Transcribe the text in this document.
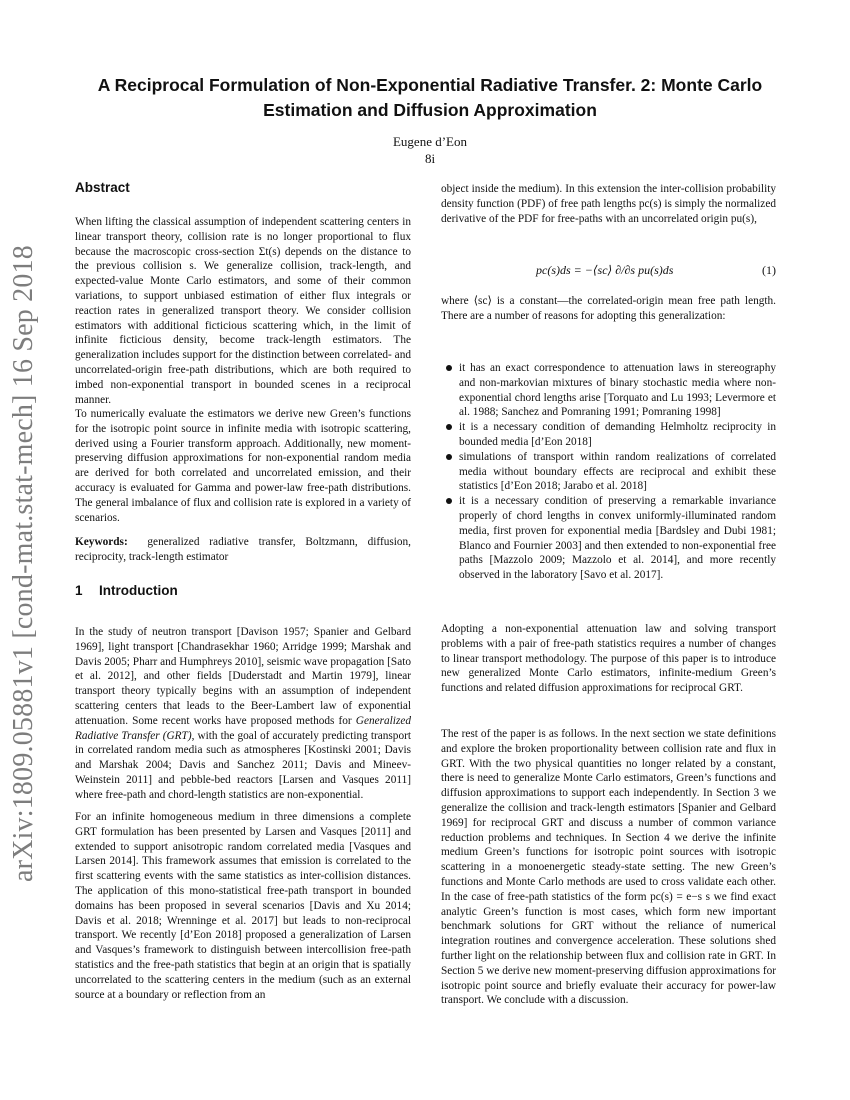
arXiv:1809.05881v1 [cond-mat.stat-mech] 16 Sep 2018
A Reciprocal Formulation of Non-Exponential Radiative Transfer. 2: Monte Carlo Estimation and Diffusion Approximation
Eugene d’Eon
8i
Abstract

When lifting the classical assumption of independent scattering centers in linear transport theory, collision rate is no longer proportional to flux because the macroscopic cross-section Σt(s) depends on the distance to the previous collision s. We generalize collision, track-length, and expected-value Monte Carlo estimators, and some of their common variations, to support unbiased estimation of either flux integrals or reaction rates in generalized transport theory. We consider collision estimators with additional ficticious scattering which, in the limit of infinite ficticious density, become track-length estimators. The generalization includes support for the distinction between correlated- and uncorrelated-origin free-path distributions, which are both required to imbed non-exponential transport in bounded scenes in a reciprocal manner.

To numerically evaluate the estimators we derive new Green’s functions for the isotropic point source in infinite media with isotropic scattering, derived using a Fourier transform approach. Additionally, new moment-preserving diffusion approximations for non-exponential random media are derived for both correlated and uncorrelated emission, and their accuracy is evaluated for Gamma and power-law free-path distributions. The general imbalance of flux and collision rate is explored in a variety of scenarios.

Keywords: generalized radiative transfer, Boltzmann, diffusion, reciprocity, track-length estimator

1 Introduction

In the study of neutron transport [Davison 1957; Spanier and Gelbard 1969], light transport [Chandrasekhar 1960; Arridge 1999; Marshak and Davis 2005; Pharr and Humphreys 2010], seismic wave propagation [Sato et al. 2012], and other fields [Duderstadt and Martin 1979], linear transport theory typically begins with an assumption of independent scattering centers that leads to the Beer-Lambert law of exponential attenuation. Some recent works have proposed methods for Generalized Radiative Transfer (GRT), with the goal of accurately predicting transport in correlated random media such as atmospheres [Kostinski 2001; Davis and Marshak 2004; Davis and Sanchez 2011; Davis and Mineev-Weinstein 2011] and pebble-bed reactors [Larsen and Vasques 2011] where free-path and chord-length statistics are non-exponential.

For an infinite homogeneous medium in three dimensions a complete GRT formulation has been presented by Larsen and Vasques [2011] and extended to support anisotropic random correlated media [Vasques and Larsen 2014]. This framework assumes that emission is correlated to the first scattering events with the same statistics as inter-collision distances. The application of this mono-statistical free-path transport in bounded domains has been proposed in several scenarios [Davis and Xu 2014; Davis et al. 2018; Wrenninge et al. 2017] but leads to non-reciprocal transport. We recently [d’Eon 2018] proposed a generalization of Larsen and Vasques’s framework to distinguish between intercollision free-path statistics and the free-path statistics that begin at an origin that is spatially uncorrelated to the scattering centers in the medium (such as an external source at a boundary or reflection from an

object inside the medium). In this extension the inter-collision probability density function (PDF) of free path lengths pc(s) is simply the normalized derivative of the PDF for free-paths with an uncorrelated origin pu(s),

pc(s)ds = −⟨sc⟩ ∂/∂s pu(s)ds	(1)

where ⟨sc⟩ is a constant—the correlated-origin mean free path length. There are a number of reasons for adopting this generalization:

it has an exact correspondence to attenuation laws in stereography and non-markovian mixtures of binary stochastic media where non-exponential chord lengths arise [Torquato and Lu 1993; Levermore et al. 1988; Sanchez and Pomraning 1991; Pomraning 1998]
it is a necessary condition of demanding Helmholtz reciprocity in bounded media [d’Eon 2018]
simulations of transport within random realizations of correlated media without boundary effects are reciprocal and exhibit these statistics [d’Eon 2018; Jarabo et al. 2018]
it is a necessary condition of preserving a remarkable invariance properly of chord lengths in convex uniformly-illuminated random media, first proven for exponential media [Bardsley and Dubi 1981; Blanco and Fournier 2003] and then extended to non-exponential free paths [Mazzolo 2009; Mazzolo et al. 2014], and more recently observed in the laboratory [Savo et al. 2017].

Adopting a non-exponential attenuation law and solving transport problems with a pair of free-path statistics requires a number of changes to linear transport methodology. The purpose of this paper is to introduce new generalized Monte Carlo estimators, infinite-medium Green’s functions and related diffusion approximations for reciprocal GRT.

The rest of the paper is as follows. In the next section we state definitions and explore the broken proportionality between collision rate and flux in GRT. With the two physical quantities no longer related by a constant, there is need to generalize Monte Carlo estimators, Green’s functions and diffusion approximations to support each independently. In Section 3 we generalize the collision and track-length estimators [Spanier and Gelbard 1969] for reciprocal GRT and discuss a number of common variance reduction problems and techniques. In Section 4 we derive the infinite medium Green’s functions for isotropic point sources with isotropic scattering in a monoenergetic steady-state setting. The new Green’s functions and Monte Carlo methods are used to cross validate each other. In the case of free-path statistics of the form pc(s) = e−s s we find exact analytic Green’s function is most cases, which form new important benchmark solutions for GRT without the reliance of numerical integration routines and convergence acceleration. These solutions shed further light on the relationship between flux and collision rate in GRT. In Section 5 we derive new moment-preserving diffusion approximations for isotropic point source and briefly evaluate their accuracy for power-law transport. We conclude with a discussion.
